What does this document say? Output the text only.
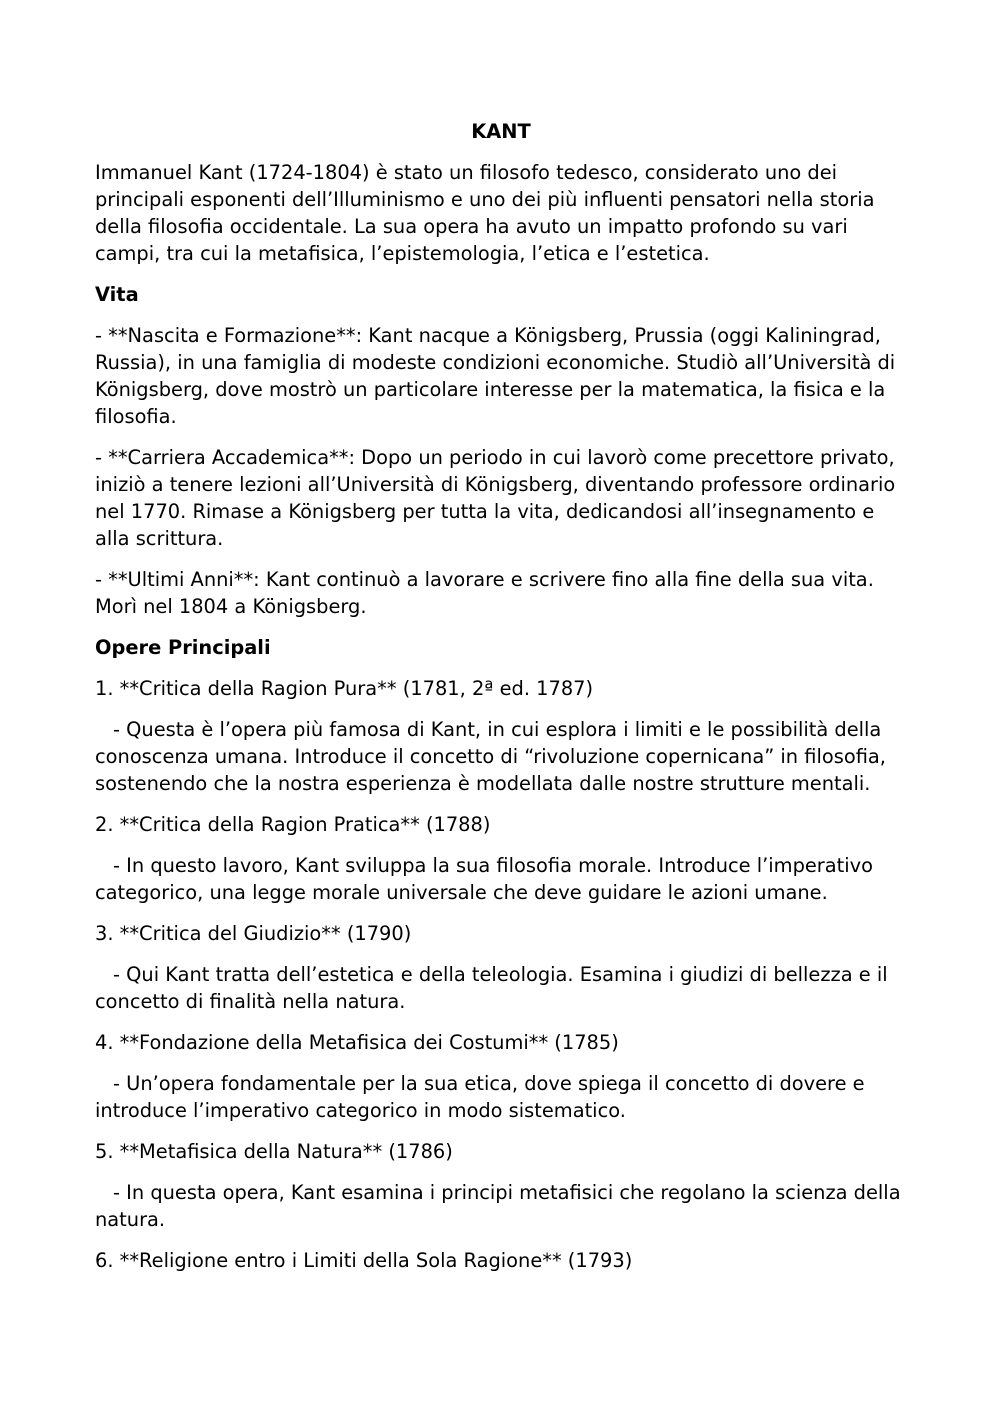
KANT

Immanuel Kant (1724-1804) è stato un filosofo tedesco, considerato uno dei principali esponenti dell’Illuminismo e uno dei più influenti pensatori nella storia della filosofia occidentale. La sua opera ha avuto un impatto profondo su vari campi, tra cui la metafisica, l’epistemologia, l’etica e l’estetica.

Vita

- **Nascita e Formazione**: Kant nacque a Königsberg, Prussia (oggi Kaliningrad, Russia), in una famiglia di modeste condizioni economiche. Studiò all’Università di Königsberg, dove mostrò un particolare interesse per la matematica, la fisica e la filosofia.

- **Carriera Accademica**: Dopo un periodo in cui lavorò come precettore privato, iniziò a tenere lezioni all’Università di Königsberg, diventando professore ordinario nel 1770. Rimase a Königsberg per tutta la vita, dedicandosi all’insegnamento e alla scrittura.

- **Ultimi Anni**: Kant continuò a lavorare e scrivere fino alla fine della sua vita. Morì nel 1804 a Königsberg.

Opere Principali

1. **Critica della Ragion Pura** (1781, 2ª ed. 1787)

- Questa è l’opera più famosa di Kant, in cui esplora i limiti e le possibilità della conoscenza umana. Introduce il concetto di “rivoluzione copernicana” in filosofia, sostenendo che la nostra esperienza è modellata dalle nostre strutture mentali.

2. **Critica della Ragion Pratica** (1788)

- In questo lavoro, Kant sviluppa la sua filosofia morale. Introduce l’imperativo categorico, una legge morale universale che deve guidare le azioni umane.

3. **Critica del Giudizio** (1790)

- Qui Kant tratta dell’estetica e della teleologia. Esamina i giudizi di bellezza e il concetto di finalità nella natura.

4. **Fondazione della Metafisica dei Costumi** (1785)

- Un’opera fondamentale per la sua etica, dove spiega il concetto di dovere e introduce l’imperativo categorico in modo sistematico.

5. **Metafisica della Natura** (1786)

- In questa opera, Kant esamina i principi metafisici che regolano la scienza della natura.

6. **Religione entro i Limiti della Sola Ragione** (1793)
